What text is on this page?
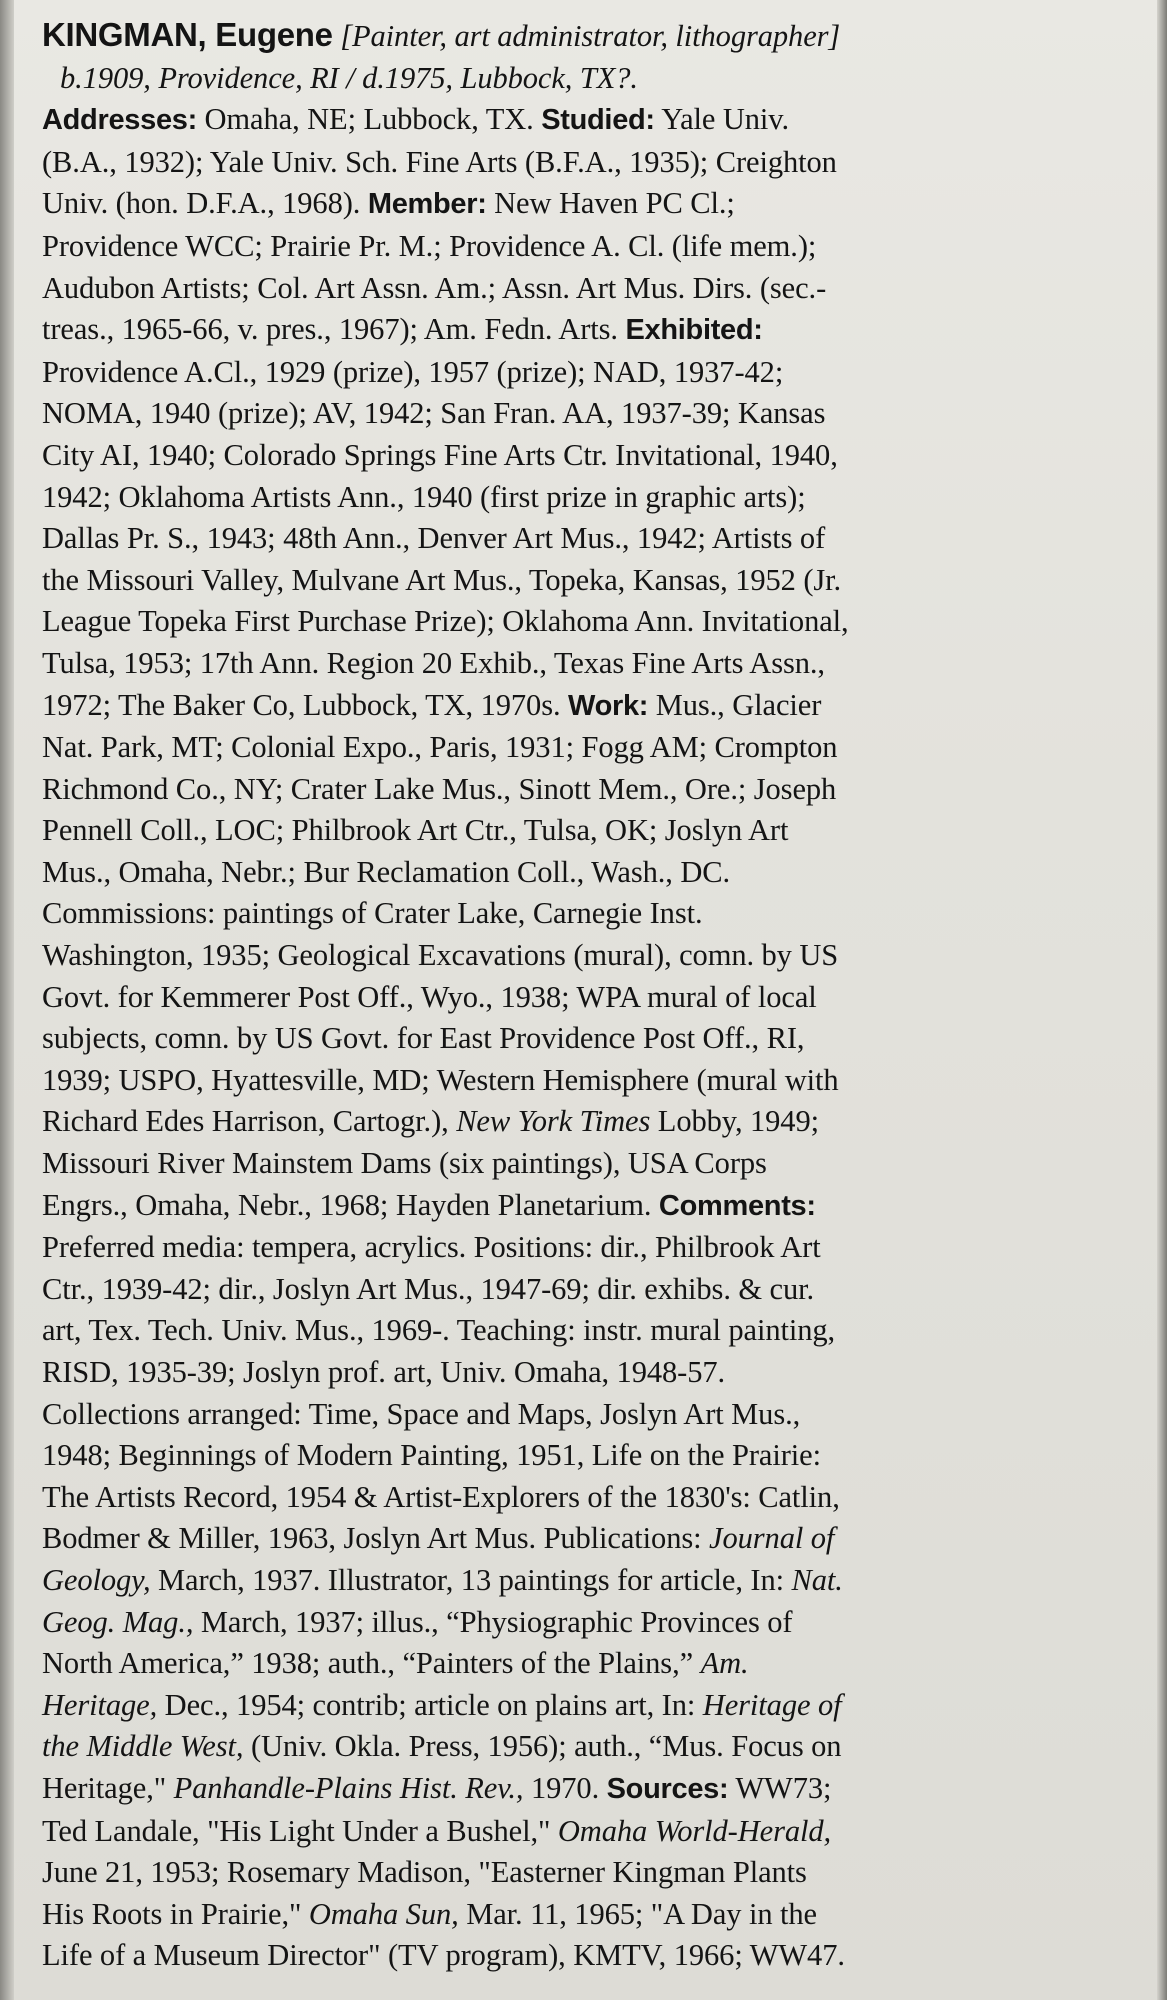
KINGMAN, Eugene [Painter, art administrator, lithographer]
b.1909, Providence, RI / d.1975, Lubbock, TX?.
Addresses: Omaha, NE; Lubbock, TX. Studied: Yale Univ.
(B.A., 1932); Yale Univ. Sch. Fine Arts (B.F.A., 1935); Creighton
Univ. (hon. D.F.A., 1968). Member: New Haven PC Cl.;
Providence WCC; Prairie Pr. M.; Providence A. Cl. (life mem.);
Audubon Artists; Col. Art Assn. Am.; Assn. Art Mus. Dirs. (sec.-
treas., 1965-66, v. pres., 1967); Am. Fedn. Arts. Exhibited:
Providence A.Cl., 1929 (prize), 1957 (prize); NAD, 1937-42;
NOMA, 1940 (prize); AV, 1942; San Fran. AA, 1937-39; Kansas
City AI, 1940; Colorado Springs Fine Arts Ctr. Invitational, 1940,
1942; Oklahoma Artists Ann., 1940 (first prize in graphic arts);
Dallas Pr. S., 1943; 48th Ann., Denver Art Mus., 1942; Artists of
the Missouri Valley, Mulvane Art Mus., Topeka, Kansas, 1952 (Jr.
League Topeka First Purchase Prize); Oklahoma Ann. Invitational,
Tulsa, 1953; 17th Ann. Region 20 Exhib., Texas Fine Arts Assn.,
1972; The Baker Co, Lubbock, TX, 1970s. Work: Mus., Glacier
Nat. Park, MT; Colonial Expo., Paris, 1931; Fogg AM; Crompton
Richmond Co., NY; Crater Lake Mus., Sinott Mem., Ore.; Joseph
Pennell Coll., LOC; Philbrook Art Ctr., Tulsa, OK; Joslyn Art
Mus., Omaha, Nebr.; Bur Reclamation Coll., Wash., DC.
Commissions: paintings of Crater Lake, Carnegie Inst.
Washington, 1935; Geological Excavations (mural), comn. by US
Govt. for Kemmerer Post Off., Wyo., 1938; WPA mural of local
subjects, comn. by US Govt. for East Providence Post Off., RI,
1939; USPO, Hyattesville, MD; Western Hemisphere (mural with
Richard Edes Harrison, Cartogr.), New York Times Lobby, 1949;
Missouri River Mainstem Dams (six paintings), USA Corps
Engrs., Omaha, Nebr., 1968; Hayden Planetarium. Comments:
Preferred media: tempera, acrylics. Positions: dir., Philbrook Art
Ctr., 1939-42; dir., Joslyn Art Mus., 1947-69; dir. exhibs. & cur.
art, Tex. Tech. Univ. Mus., 1969-. Teaching: instr. mural painting,
RISD, 1935-39; Joslyn prof. art, Univ. Omaha, 1948-57.
Collections arranged: Time, Space and Maps, Joslyn Art Mus.,
1948; Beginnings of Modern Painting, 1951, Life on the Prairie:
The Artists Record, 1954 & Artist-Explorers of the 1830's: Catlin,
Bodmer & Miller, 1963, Joslyn Art Mus. Publications: Journal of
Geology, March, 1937. Illustrator, 13 paintings for article, In: Nat.
Geog. Mag., March, 1937; illus., “Physiographic Provinces of
North America,” 1938; auth., “Painters of the Plains,” Am.
Heritage, Dec., 1954; contrib; article on plains art, In: Heritage of
the Middle West, (Univ. Okla. Press, 1956); auth., “Mus. Focus on
Heritage," Panhandle-Plains Hist. Rev., 1970. Sources: WW73;
Ted Landale, "His Light Under a Bushel," Omaha World-Herald,
June 21, 1953; Rosemary Madison, "Easterner Kingman Plants
His Roots in Prairie," Omaha Sun, Mar. 11, 1965; "A Day in the
Life of a Museum Director" (TV program), KMTV, 1966; WW47.
